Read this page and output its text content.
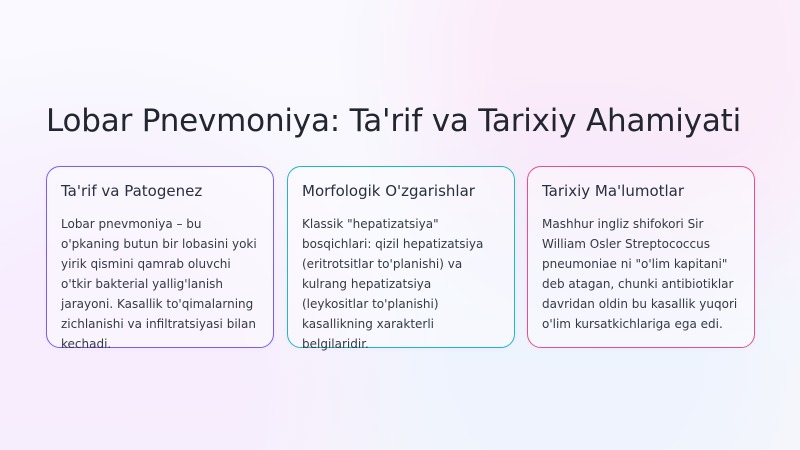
Lobar Pnevmoniya: Ta'rif va Tarixiy Ahamiyati
Ta'rif va Patogenez

Lobar pnevmoniya – bu o'pkaning butun bir lobasini yoki yirik qismini qamrab oluvchi o'tkir bakterial yallig'lanish jarayoni. Kasallik to'qimalarning zichlanishi va infiltratsiyasi bilan kechadi.

Morfologik O'zgarishlar

Klassik "hepatizatsiya" bosqichlari: qizil hepatizatsiya (eritrotsitlar to'planishi) va kulrang hepatizatsiya (leykositlar to'planishi) kasallikning xarakterli belgilaridir.

Tarixiy Ma'lumotlar

Mashhur ingliz shifokori Sir William Osler Streptococcus pneumoniae ni "o'lim kapitani" deb atagan, chunki antibiotiklar davridan oldin bu kasallik yuqori o'lim kursatkichlariga ega edi.
